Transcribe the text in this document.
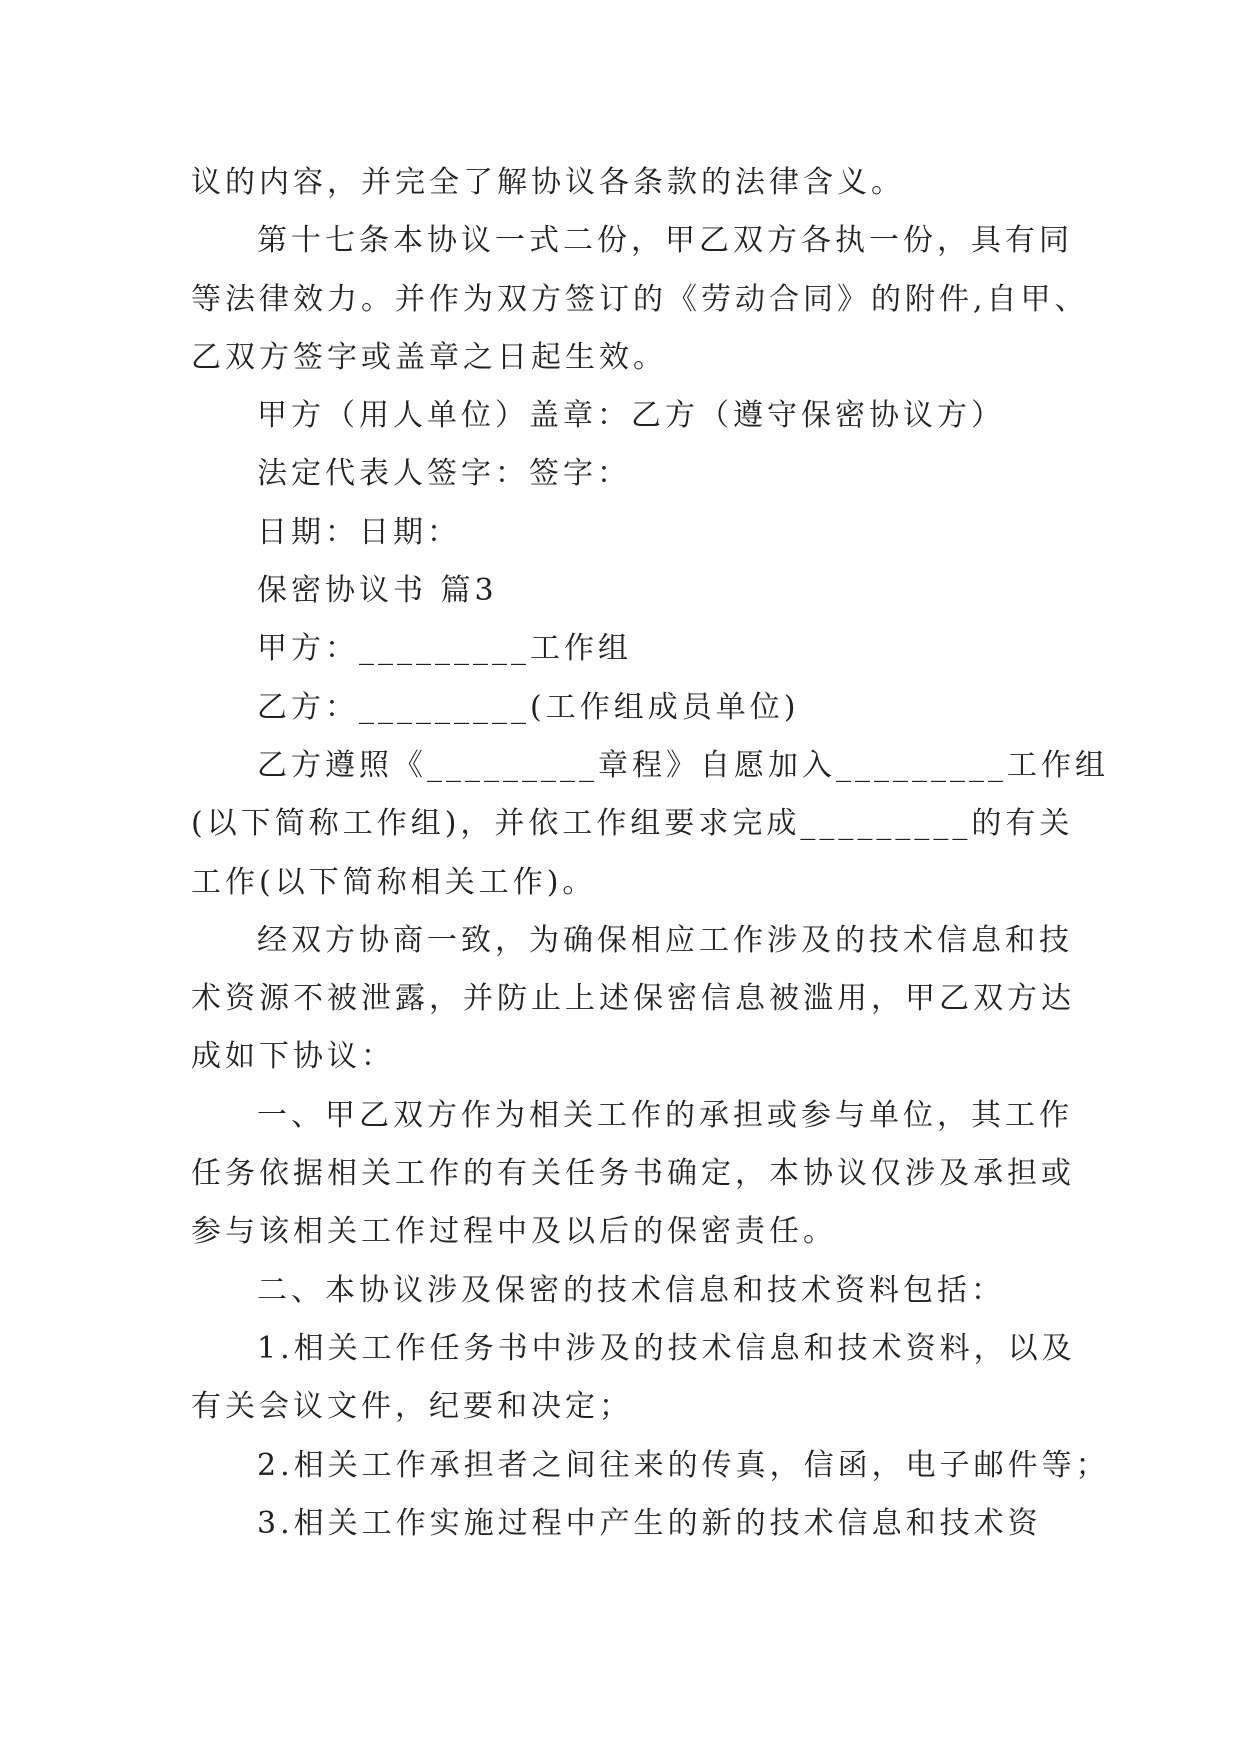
议的内容，并完全了解协议各条款的法律含义。
第十七条本协议一式二份，甲乙双方各执一份，具有同
等法律效力。并作为双方签订的《劳动合同》的附件,自甲、
乙双方签字或盖章之日起生效。
甲方（用人单位）盖章：乙方（遵守保密协议方）
法定代表人签字：签字：
日期：日期：
保密协议书 篇3
甲方：_________工作组
乙方：_________(工作组成员单位)
乙方遵照《_________章程》自愿加入_________工作组
(以下简称工作组)，并依工作组要求完成_________的有关
工作(以下简称相关工作)。
经双方协商一致，为确保相应工作涉及的技术信息和技
术资源不被泄露，并防止上述保密信息被滥用，甲乙双方达
成如下协议：
一、甲乙双方作为相关工作的承担或参与单位，其工作
任务依据相关工作的有关任务书确定，本协议仅涉及承担或
参与该相关工作过程中及以后的保密责任。
二、本协议涉及保密的技术信息和技术资料包括：
1.相关工作任务书中涉及的技术信息和技术资料，以及
有关会议文件，纪要和决定；
2.相关工作承担者之间往来的传真，信函，电子邮件等；
3.相关工作实施过程中产生的新的技术信息和技术资
